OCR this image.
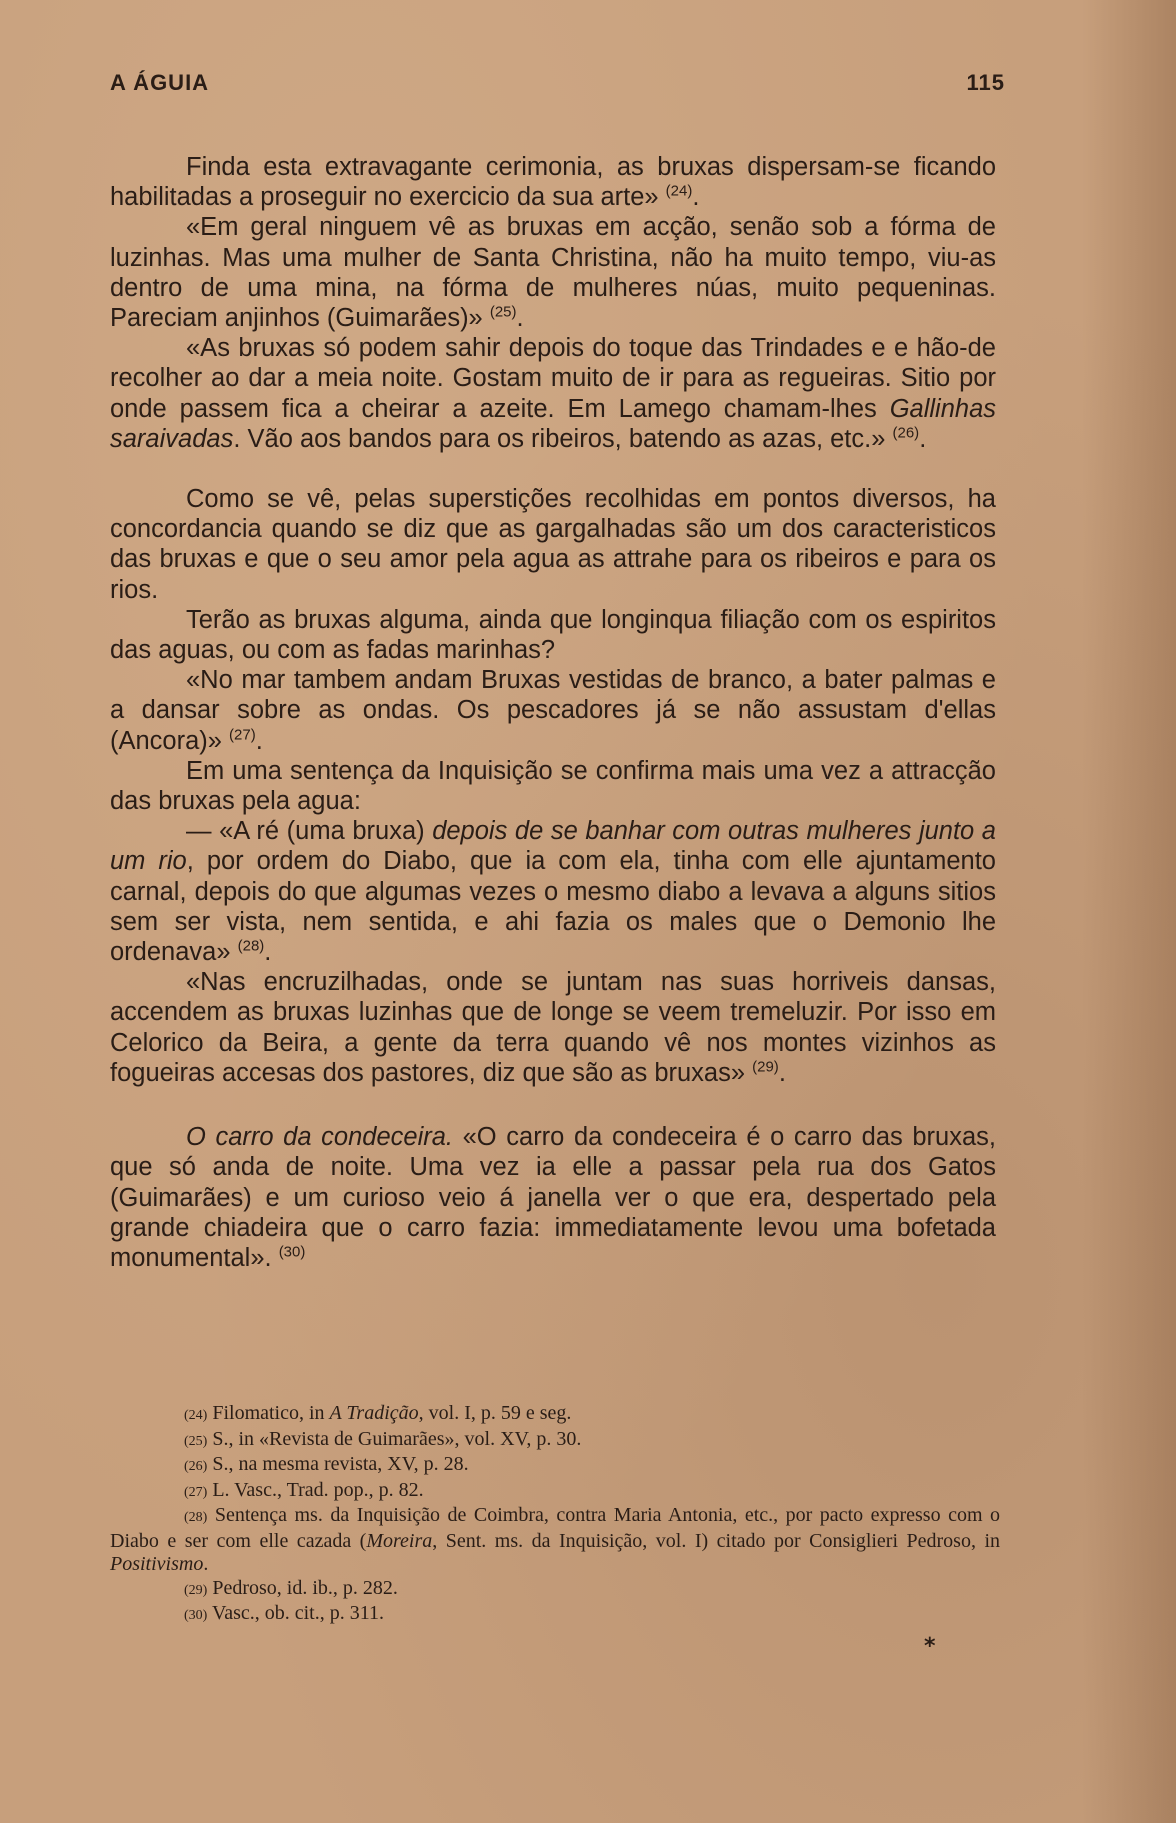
A ÁGUIA	115

Finda esta extravagante cerimonia, as bruxas dispersam-se ficando habilitadas a proseguir no exercicio da sua arte» $^{(24)}$.

«Em geral ninguem vê as bruxas em acção, senão sob a fórma de luzinhas. Mas uma mulher de Santa Christina, não ha muito tempo, viu-as dentro de uma mina, na fórma de mulheres núas, muito pequeninas. Pareciam anjinhos (Guimarães)» $^{(25)}$.

«As bruxas só podem sahir depois do toque das Trindades e e hão-de recolher ao dar a meia noite. Gostam muito de ir para as regueiras. Sitio por onde passem fica a cheirar a azeite. Em Lamego chamam-lhes Gallinhas saraivadas. Vão aos bandos para os ribeiros, batendo as azas, etc.» $^{(26)}$.

Como se vê, pelas superstições recolhidas em pontos diversos, ha concordancia quando se diz que as gargalhadas são um dos caracteristicos das bruxas e que o seu amor pela agua as attrahe para os ribeiros e para os rios.

Terão as bruxas alguma, ainda que longinqua filiação com os espiritos das aguas, ou com as fadas marinhas?

«No mar tambem andam Bruxas vestidas de branco, a bater palmas e a dansar sobre as ondas. Os pescadores já se não assustam d'ellas (Ancora)» $^{(27)}$.

Em uma sentença da Inquisição se confirma mais uma vez a attracção das bruxas pela agua:

— «A ré (uma bruxa) depois de se banhar com outras mulheres junto a um rio, por ordem do Diabo, que ia com ela, tinha com elle ajuntamento carnal, depois do que algumas vezes o mesmo diabo a levava a alguns sitios sem ser vista, nem sentida, e ahi fazia os males que o Demonio lhe ordenava» $^{(28)}$.

«Nas encruzilhadas, onde se juntam nas suas horriveis dansas, accendem as bruxas luzinhas que de longe se veem tremeluzir. Por isso em Celorico da Beira, a gente da terra quando vê nos montes vizinhos as fogueiras accesas dos pastores, diz que são as bruxas» $^{(29)}$.

O carro da condeceira. «O carro da condeceira é o carro das bruxas, que só anda de noite. Uma vez ia elle a passar pela rua dos Gatos (Guimarães) e um curioso veio á janella ver o que era, despertado pela grande chiadeira que o carro fazia: immediatamente levou uma bofetada monumental». $^{(30)}$

(24) Filomatico, in A Tradição, vol. I, p. 59 e seg.

(25) S., in «Revista de Guimarães», vol. XV, p. 30.

(26) S., na mesma revista, XV, p. 28.

(27) L. Vasc., Trad. pop., p. 82.

(28) Sentença ms. da Inquisição de Coimbra, contra Maria Antonia, etc., por pacto expresso com o Diabo e ser com elle cazada (Moreira, Sent. ms. da Inquisição, vol. I) citado por Consiglieri Pedroso, in Positivismo.

(29) Pedroso, id. ib., p. 282.

(30) Vasc., ob. cit., p. 311.

*
